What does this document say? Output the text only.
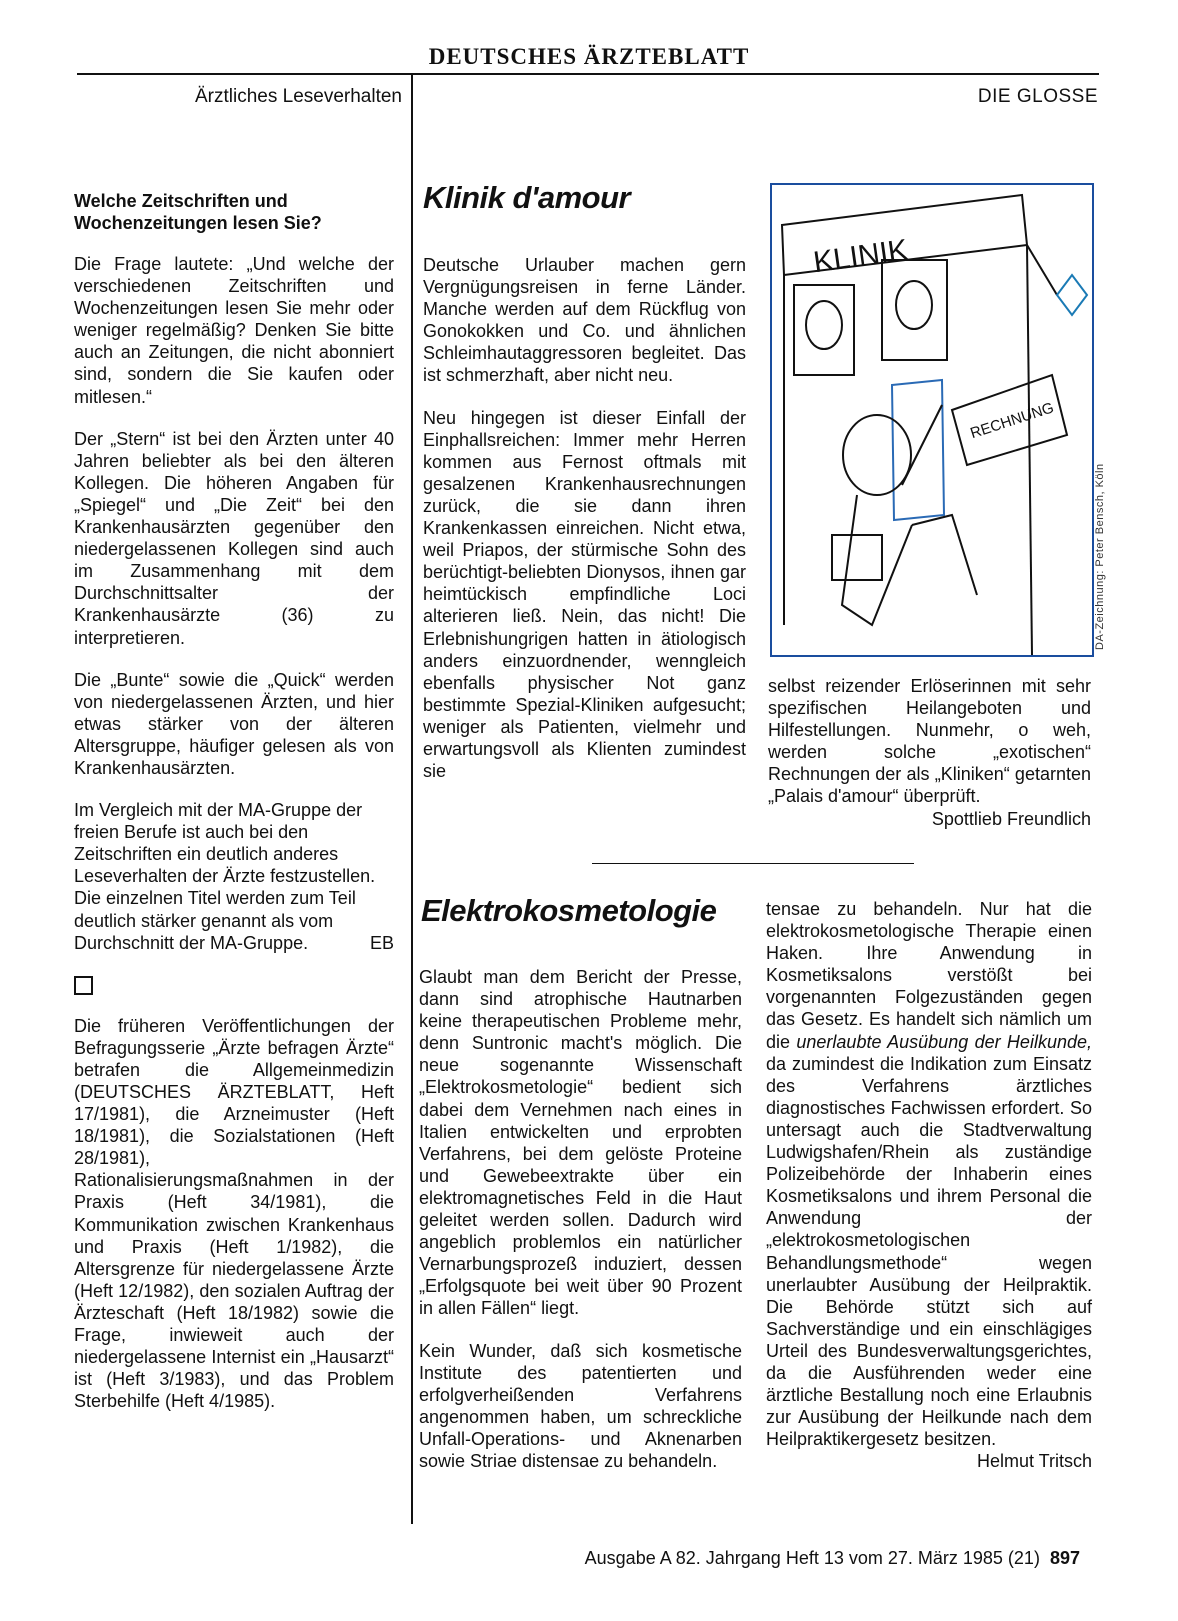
DEUTSCHES ÄRZTEBLATT
Ärztliches Leseverhalten	DIE GLOSSE
Welche Zeitschriften und
Wochenzeitungen lesen Sie?

Die Frage lautete: „Und welche der verschiedenen Zeitschriften und Wochenzeitungen lesen Sie mehr oder weniger regelmäßig? Denken Sie bitte auch an Zeitungen, die nicht abonniert sind, sondern die Sie kaufen oder mitlesen.“

Der „Stern“ ist bei den Ärzten unter 40 Jahren beliebter als bei den älteren Kollegen. Die höheren Angaben für „Spiegel“ und „Die Zeit“ bei den Krankenhausärzten gegenüber den niedergelassenen Kollegen sind auch im Zusammenhang mit dem Durchschnittsalter der Krankenhausärzte (36) zu interpretieren.

Die „Bunte“ sowie die „Quick“ werden von niedergelassenen Ärzten, und hier etwas stärker von der älteren Altersgruppe, häufiger gelesen als von Krankenhausärzten.

Im Vergleich mit der MA-Gruppe der freien Berufe ist auch bei den Zeitschriften ein deutlich anderes Leseverhalten der Ärzte festzustellen. Die einzelnen Titel werden zum Teil deutlich stärker genannt als vom Durchschnitt der MA-Gruppe.	EB

Die früheren Veröffentlichungen der Befragungsserie „Ärzte befragen Ärzte“ betrafen die Allgemeinmedizin (DEUTSCHES ÄRZTEBLATT, Heft 17/1981), die Arzneimuster (Heft 18/1981), die Sozialstationen (Heft 28/1981), Rationalisierungsmaßnahmen in der Praxis (Heft 34/1981), die Kommunikation zwischen Krankenhaus und Praxis (Heft 1/1982), die Altersgrenze für niedergelassene Ärzte (Heft 12/1982), den sozialen Auftrag der Ärzteschaft (Heft 18/1982) sowie die Frage, inwieweit auch der niedergelassene Internist ein „Hausarzt“ ist (Heft 3/1983), und das Problem Sterbehilfe (Heft 4/1985).

Klinik d'amour

Deutsche Urlauber machen gern Vergnügungsreisen in ferne Länder. Manche werden auf dem Rückflug von Gonokokken und Co. und ähnlichen Schleimhautaggressoren begleitet. Das ist schmerzhaft, aber nicht neu.

Neu hingegen ist dieser Einfall der Einphallsreichen: Immer mehr Herren kommen aus Fernost oftmals mit gesalzenen Krankenhausrechnungen zurück, die sie dann ihren Krankenkassen einreichen. Nicht etwa, weil Priapos, der stürmische Sohn des berüchtigt-beliebten Dionysos, ihnen gar heimtückisch empfindliche Loci alterieren ließ. Nein, das nicht! Die Erlebnishungrigen hatten in ätiologisch anders einzuordnender, wenngleich ebenfalls physischer Not ganz bestimmte Spezial-Kliniken aufgesucht; weniger als Patienten, vielmehr und erwartungsvoll als Klienten zumindest sie

KLINIK
RECHNUNG
DA-Zeichnung: Peter Bensch, Köln

selbst reizender Erlöserinnen mit sehr spezifischen Heilangeboten und Hilfestellungen. Nunmehr, o weh, werden solche „exotischen“ Rechnungen der als „Kliniken“ getarnten „Palais d'amour“ überprüft.

Spottlieb Freundlich
Elektrokosmetologie

Glaubt man dem Bericht der Presse, dann sind atrophische Hautnarben keine therapeutischen Probleme mehr, denn Suntronic macht's möglich. Die neue sogenannte Wissenschaft „Elektrokosmetologie“ bedient sich dabei dem Vernehmen nach eines in Italien entwickelten und erprobten Verfahrens, bei dem gelöste Proteine und Gewebeextrakte über ein elektromagnetisches Feld in die Haut geleitet werden sollen. Dadurch wird angeblich problemlos ein natürlicher Vernarbungsprozeß induziert, dessen „Erfolgsquote bei weit über 90 Prozent in allen Fällen“ liegt.

Kein Wunder, daß sich kosmetische Institute des patentierten und erfolgverheißenden Verfahrens angenommen haben, um schreckliche Unfall-Operations- und Aknenarben sowie Striae distensae zu behandeln.

tensae zu behandeln. Nur hat die elektrokosmetologische Therapie einen Haken. Ihre Anwendung in Kosmetiksalons verstößt bei vorgenannten Folgezuständen gegen das Gesetz. Es handelt sich nämlich um die unerlaubte Ausübung der Heilkunde, da zumindest die Indikation zum Einsatz des Verfahrens ärztliches diagnostisches Fachwissen erfordert. So untersagt auch die Stadtverwaltung Ludwigshafen/Rhein als zuständige Polizeibehörde der Inhaberin eines Kosmetiksalons und ihrem Personal die Anwendung der „elektrokosmetologischen Behandlungsmethode“ wegen unerlaubter Ausübung der Heilpraktik. Die Behörde stützt sich auf Sachverständige und ein einschlägiges Urteil des Bundesverwaltungsgerichtes, da die Ausführenden weder eine ärztliche Bestallung noch eine Erlaubnis zur Ausübung der Heilkunde nach dem Heilpraktikergesetz besitzen.

Helmut Tritsch
Ausgabe A 82. Jahrgang Heft 13 vom 27. März 1985 (21) 897
